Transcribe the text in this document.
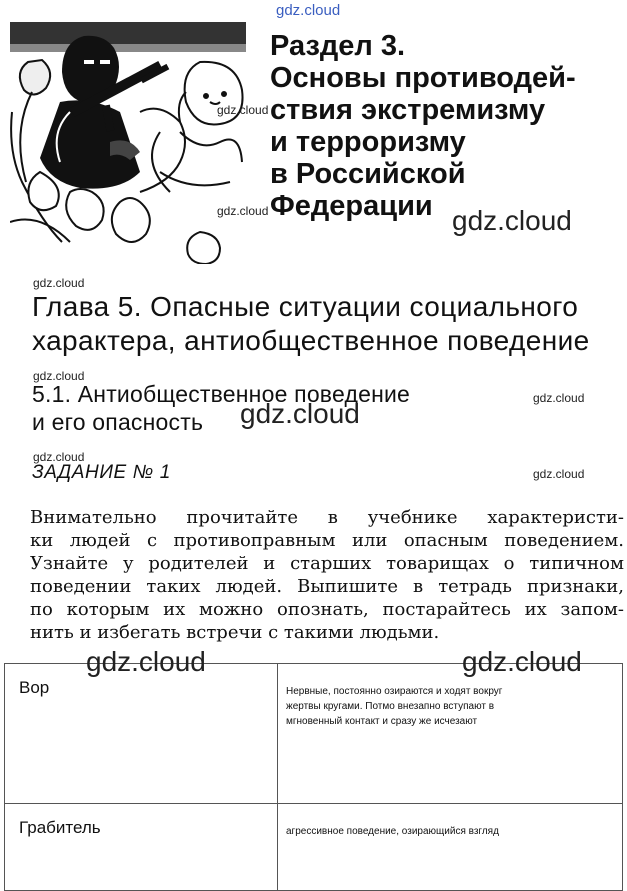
gdz.cloud
gdz.cloud
gdz.cloud
Раздел 3.
Основы противодей-
ствия экстремизму
и терроризму
в Российской
Федерации gdz.cloud
gdz.cloud
Глава 5. Опасные ситуации социального
характера, антиобщественное поведение
gdz.cloud
5.1. Антиобщественное поведение
и его опасность
gdz.cloud
gdz.cloud
gdz.cloud
gdz.cloud
ЗАДАНИЕ № 1
Внимательно прочитайте в учебнике характеристи-
ки людей с противоправным или опасным поведением.
Узнайте у родителей и старших товарищах о типичном
поведении таких людей. Выпишите в тетрадь признаки,
по которым их можно опознать, постарайтесь их запом-
нить и избегать встречи с такими людьми.
Вор	Нервные, постоянно озираются и ходят вокруг
жертвы кругами. Потмо внезапно вступают в
мгновенный контакт и сразу же исчезают

Грабитель	агрессивное поведение, озирающийся взгляд
gdz.cloud	gdz.cloud
